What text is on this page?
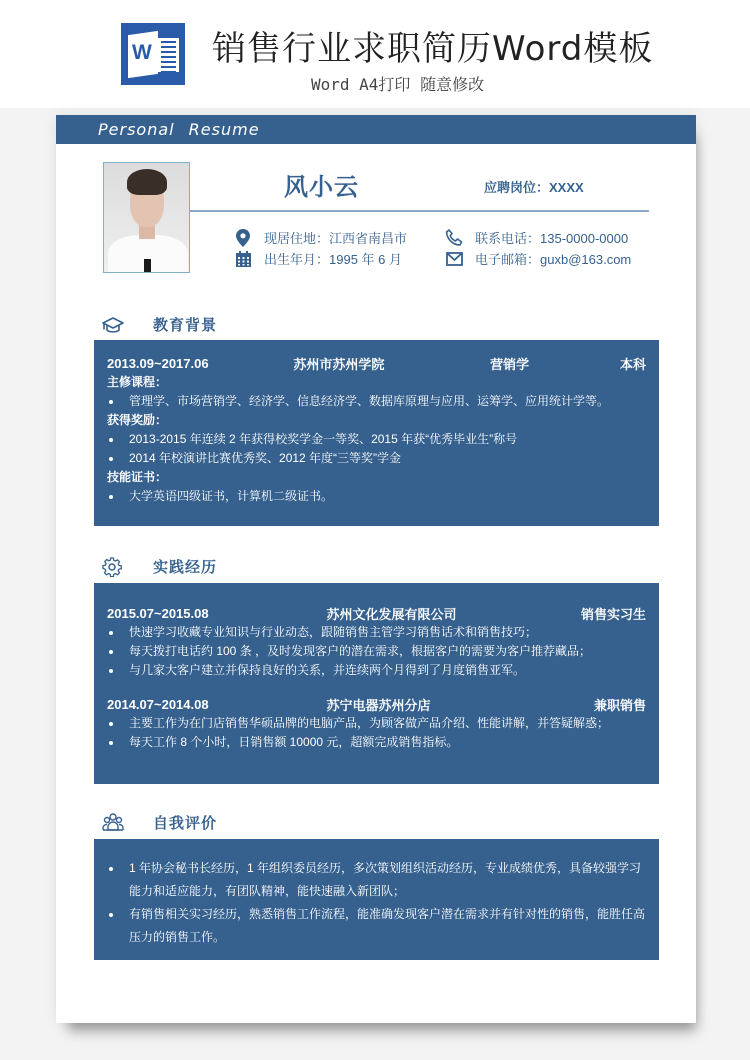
W 销售行业求职简历Word模板
Word A4打印 随意修改
Personal Resume
风小云	应聘岗位：XXXX
现居住地：江西省南昌市
出生年月：1995 年 6 月
联系电话：135-0000-0000
电子邮箱：guxb@163.com
教育背景
2013.09~2017.06	苏州市苏州学院	营销学	本科
主修课程：
管理学、市场营销学、经济学、信息经济学、数据库原理与应用、运筹学、应用统计学等。
获得奖励：
2013-2015 年连续 2 年获得校奖学金一等奖、2015 年获“优秀毕业生”称号
2014 年校演讲比赛优秀奖、2012 年度“三等奖”学金
技能证书：
大学英语四级证书，计算机二级证书。
实践经历
2015.07~2015.08	苏州文化发展有限公司	销售实习生
快速学习收藏专业知识与行业动态，跟随销售主管学习销售话术和销售技巧；
每天拨打电话约 100 条 ，及时发现客户的潜在需求，根据客户的需要为客户推荐藏品；
与几家大客户建立并保持良好的关系，并连续两个月得到了月度销售亚军。
2014.07~2014.08	苏宁电器苏州分店	兼职销售
主要工作为在门店销售华硕品牌的电脑产品，为顾客做产品介绍、性能讲解，并答疑解惑；
每天工作 8 个小时，日销售额 10000 元，超额完成销售指标。
自我评价
1 年协会秘书长经历，1 年组织委员经历，多次策划组织活动经历，专业成绩优秀，具备较强学习能力和适应能力，有团队精神，能快速融入新团队；
有销售相关实习经历，熟悉销售工作流程，能准确发现客户潜在需求并有针对性的销售，能胜任高压力的销售工作。
